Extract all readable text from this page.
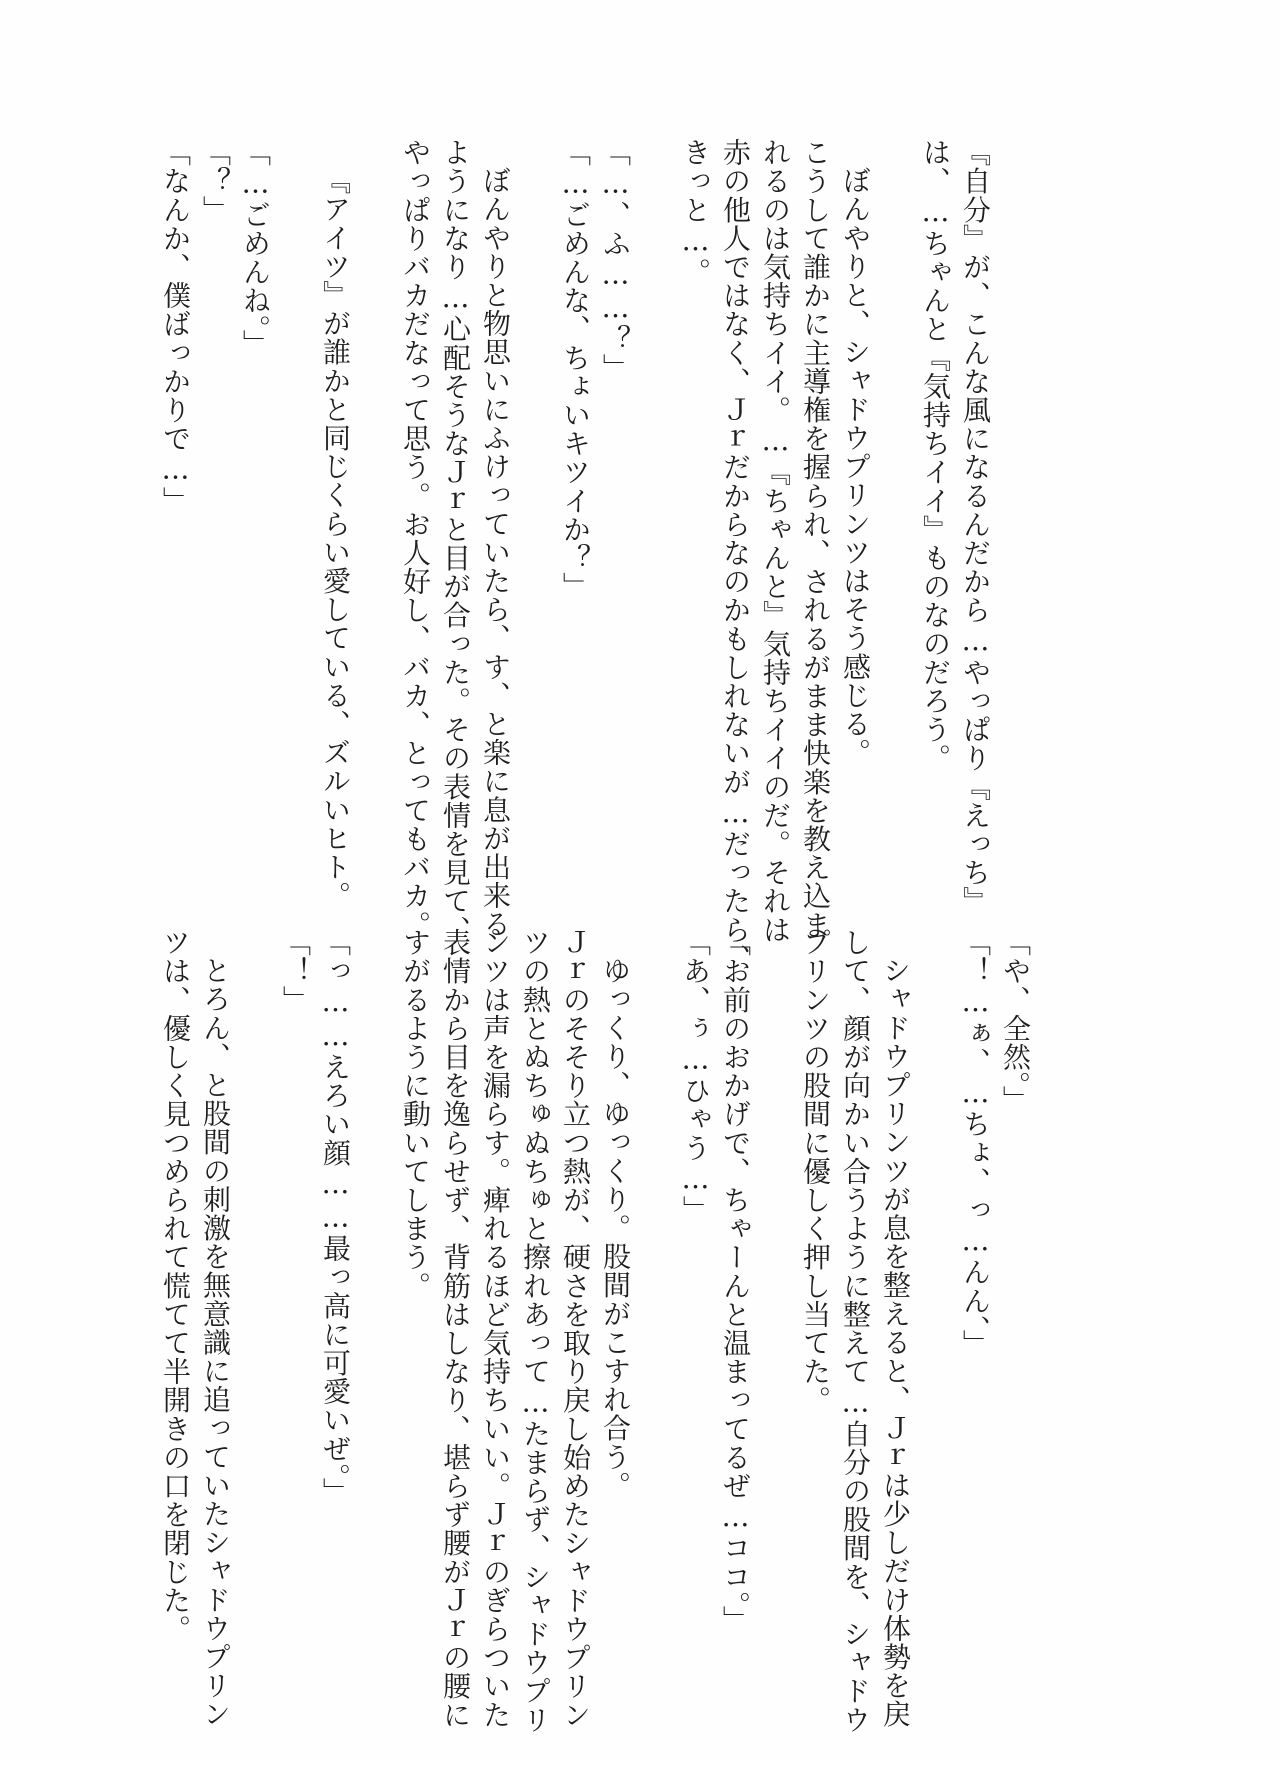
「なんか、僕ばっかりで…」 「？」 「…ごめんね。」 『アイツ』が誰かと同じくらい愛している、ズルいヒト。 やっぱりバカだなって思う。お人好し、バカ、とってもバカ。 ようになり…心配そうなＪｒと目が合った。その表情を見て、 ぼんやりと物思いにふけっていたら、す、と楽に息が出来る 「…ごめんな、ちょいキツイか？」 「…、ふ……？」 きっと…。 赤の他人ではなく、Ｊｒだからなのかもしれないが…だったら、 れるのは気持ちイイ。…『ちゃんと』気持ちイイのだ。それは こうして誰かに主導権を握られ、されるがまま快楽を教え込ま ぼんやりと、シャドウプリンツはそう感じる。 は、…ちゃんと『気持ちイイ』ものなのだろう。 『自分』が、こんな風になるんだから…やっぱり『えっち』
ツは、優しく見つめられて慌てて半開きの口を閉じた。 とろん、と股間の刺激を無意識に追っていたシャドウプリン 「！」 「っ……えろい顔……最っ高に可愛いぜ。」 すがるように動いてしまう。 表情から目を逸らせず、背筋はしなり、堪らず腰がＪｒの腰に ンツは声を漏らす。痺れるほど気持ちいい。Ｊｒのぎらついた ツの熱とぬちゅぬちゅと擦れあって…たまらず、シャドウプリ Ｊｒのそそり立つ熱が、硬さを取り戻し始めたシャドウプリン ゆっくり、ゆっくり。股間がこすれ合う。 「あ、ぅ…ひゃう…」 「お前のおかげで、ちゃーんと温まってるぜ…ココ。」 プリンツの股間に優しく押し当てた。 して、顔が向かい合うように整えて…自分の股間を、シャドウ シャドウプリンツが息を整えると、Ｊｒは少しだけ体勢を戻 「！…ぁ、…ちょ、っ…んん、」 「や、全然。」
